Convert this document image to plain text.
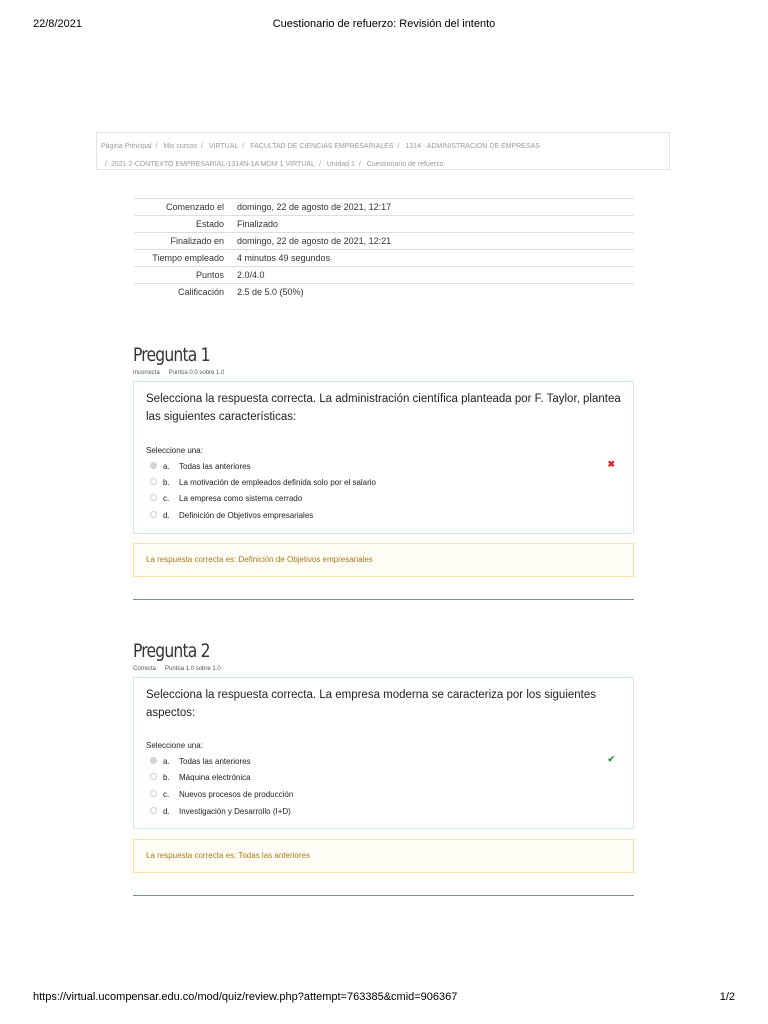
22/8/2021	Cuestionario de refuerzo: Revisión del intento
Página Principal / Mis cursos / VIRTUAL / FACULTAD DE CIENCIAS EMPRESARIALES / 1314 - ADMINISTRACION DE EMPRESAS
/ 2021 2-CONTEXTO EMPRESARIAL-1314N-1A MOM 1 VIRTUAL / Unidad 1 / Cuestionario de refuerzo
Comenzado el	domingo, 22 de agosto de 2021, 12:17
Estado	Finalizado
Finalizado en	domingo, 22 de agosto de 2021, 12:21
Tiempo empleado	4 minutos 49 segundos
Puntos	2.0/4.0
Calificación	2.5 de 5.0 (50%)
Pregunta 1
Incorrecta Puntúa 0.0 sobre 1.0
Selecciona la respuesta correcta. La administración científica planteada por F. Taylor, plantea las siguientes características:
Seleccione una:
a. Todas las anteriores
b. La motivación de empleados definida solo por el salario
c. La empresa como sistema cerrado
d. Definición de Objetivos empresariales
✖
La respuesta correcta es: Definición de Objetivos empresariales
Pregunta 2
Correcta Puntúa 1.0 sobre 1.0
Selecciona la respuesta correcta. La empresa moderna se caracteriza por los siguientes aspectos:
Seleccione una:
a. Todas las anteriores
b. Máquina electrónica
c. Nuevos procesos de producción
d. Investigación y Desarrollo (I+D)
✔
La respuesta correcta es: Todas las anteriores
https://virtual.ucompensar.edu.co/mod/quiz/review.php?attempt=763385&cmid=906367	1/2
